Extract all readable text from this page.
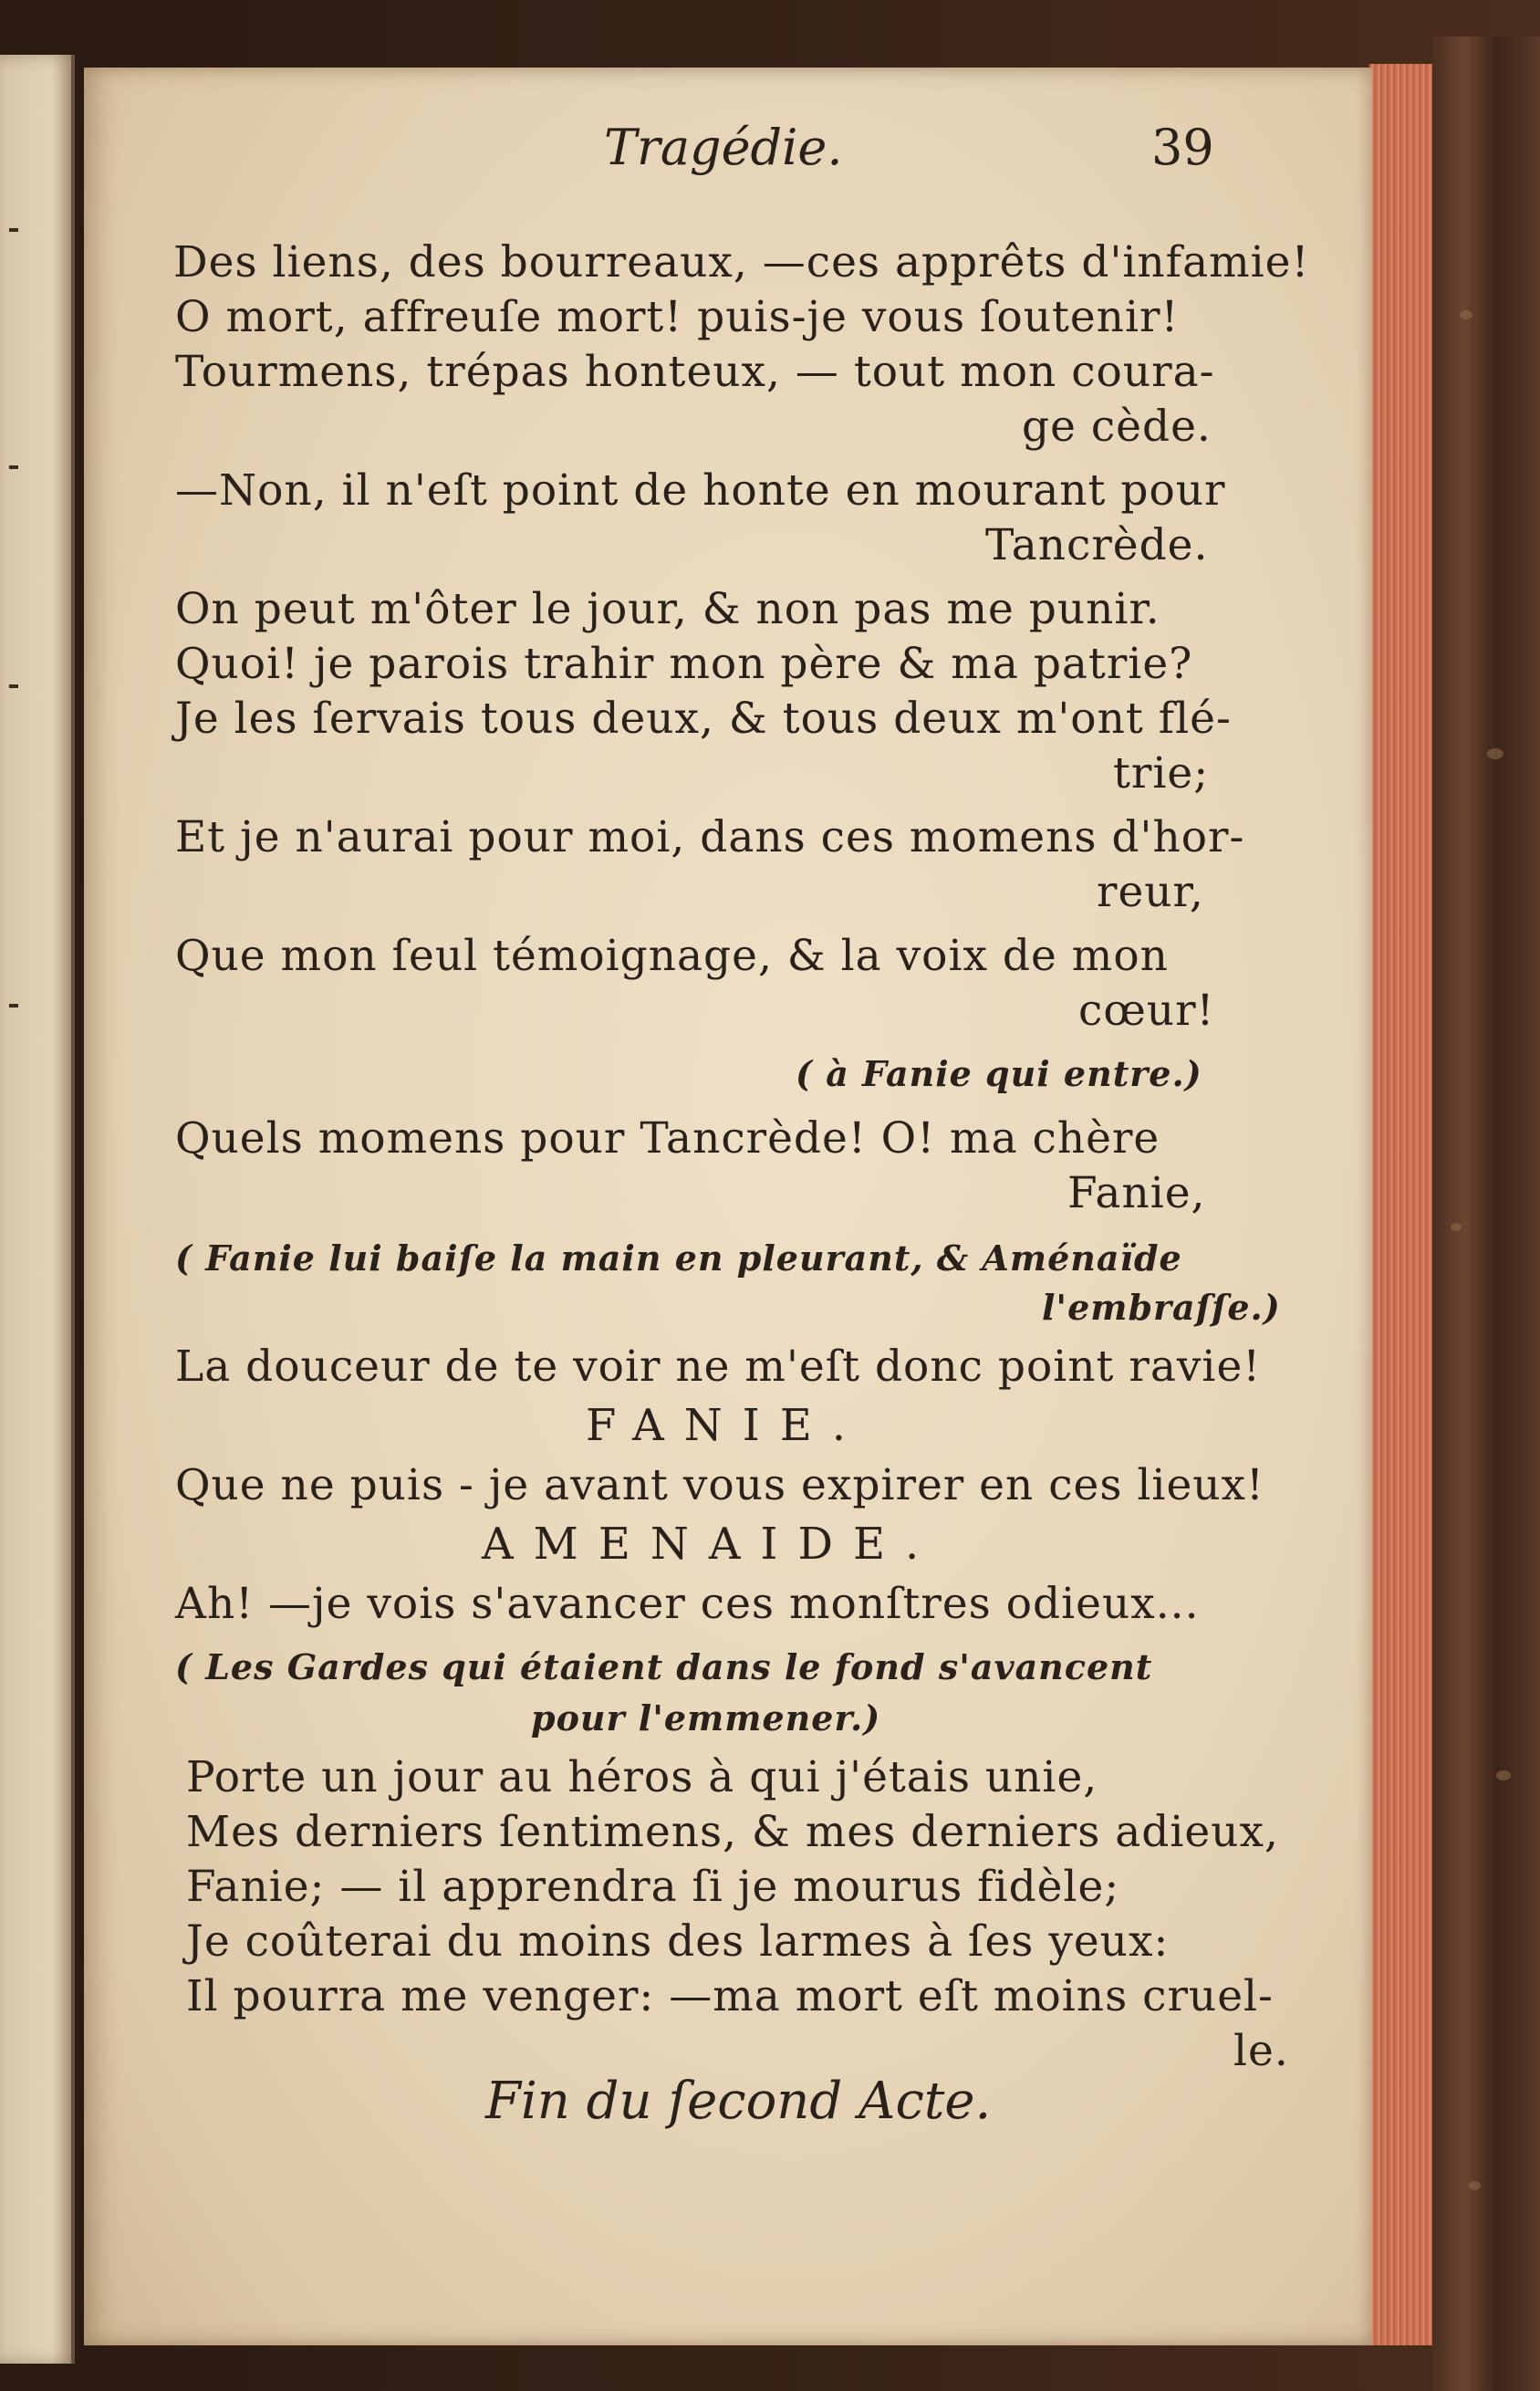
Tragédie.	39
Des liens, des bourreaux, —ces apprêts d'infamie!
O mort, affreuſe mort! puis-je vous ſoutenir!
Tourmens, trépas honteux, — tout mon coura-
ge cède.
—Non, il n'eſt point de honte en mourant pour
Tancrède.
On peut m'ôter le jour, & non pas me punir.
Quoi! je parois trahir mon père & ma patrie?
Je les ſervais tous deux, & tous deux m'ont flé-
trie;
Et je n'aurai pour moi, dans ces momens d'hor-
reur,
Que mon ſeul témoignage, & la voix de mon
cœur!
( à Fanie qui entre.)
Quels momens pour Tancrède! O! ma chère
Fanie,
( Fanie lui baiſe la main en pleurant, & Aménaïde
l'embraſſe.)
La douceur de te voir ne m'eſt donc point ravie!
FANIE.
Que ne puis - je avant vous expirer en ces lieux!
AMENAIDE.
Ah! —je vois s'avancer ces monſtres odieux...
( Les Gardes qui étaient dans le fond s'avancent
pour l'emmener.)
Porte un jour au héros à qui j'étais unie,
Mes derniers ſentimens, & mes derniers adieux,
Fanie; — il apprendra ſi je mourus fidèle;
Je coûterai du moins des larmes à ſes yeux:
Il pourra me venger: —ma mort eſt moins cruel-
le.
Fin du ſecond Acte.
